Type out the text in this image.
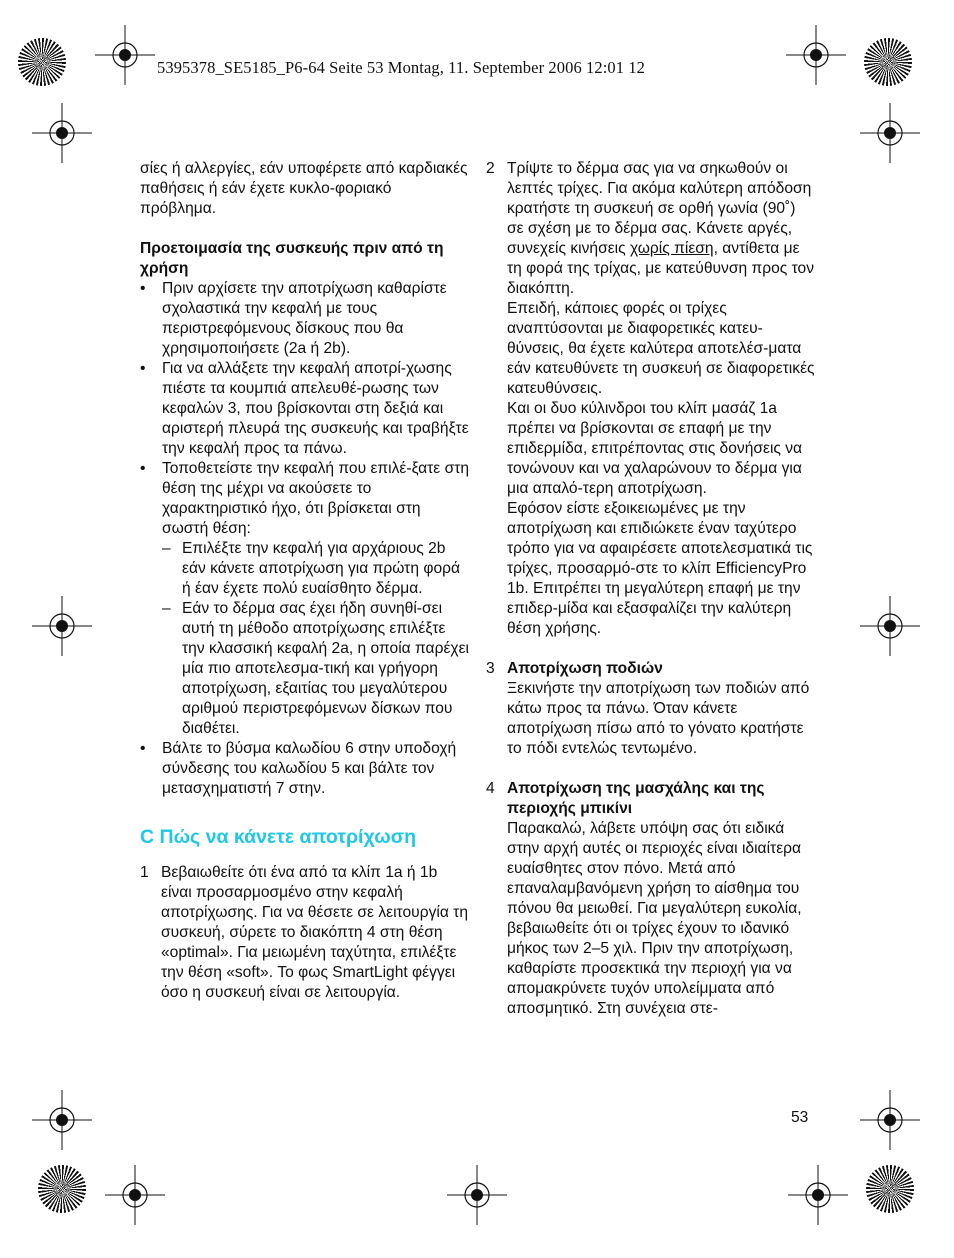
5395378_SE5185_P6-64 Seite 53 Montag, 11. September 2006 12:01 12

σίες ή αλλεργίες, εάν υποφέρετε από καρδιακές παθήσεις ή εάν έχετε κυκλο-φοριακό πρόβλημα.

Προετοιμασία της συσκευής πριν από τη χρήση

•	Πριν αρχίσετε την αποτρίχωση καθαρίστε σχολαστικά την κεφαλή με τους περιστρεφόμενους δίσκους που θα χρησιμοποιήσετε (2a ή 2b).
•	Για να αλλάξετε την κεφαλή αποτρί-χωσης πιέστε τα κουμπιά απελευθέ-ρωσης των κεφαλών 3, που βρίσκονται στη δεξιά και αριστερή πλευρά της συσκευής και τραβήξτε την κεφαλή προς τα πάνω.
•	Τοποθετείστε την κεφαλή που επιλέ-ξατε στη θέση της μέχρι να ακούσετε το χαρακτηριστικό ήχο, ότι βρίσκεται στη σωστή θέση:
– Επιλέξτε την κεφαλή για αρχάριους 2b εάν κάνετε αποτρίχωση για πρώτη φορά ή έαν έχετε πολύ ευαίσθητο δέρμα.
– Εάν το δέρμα σας έχει ήδη συνηθί-σει αυτή τη μέθοδο αποτρίχωσης επιλέξτε την κλασσική κεφαλή 2a, η οποία παρέχει μία πιο αποτελεσμα-τική και γρήγορη αποτρίχωση, εξαιτίας του μεγαλύτερου αριθμού περιστρεφόμενων δίσκων που διαθέτει.
•	Βάλτε το βύσμα καλωδίου 6 στην υποδοχή σύνδεσης του καλωδίου 5 και βάλτε τον μετασχηματιστή 7 στην.
C Πώς να κάνετε αποτρίχωση
1 Βεβαιωθείτε ότι ένα από τα κλίπ 1a ή 1b είναι προσαρμοσμένο στην κεφαλή αποτρίχωσης. Για να θέσετε σε λειτουργία τη συσκευή, σύρετε το διακόπτη 4 στη θέση «optimal». Για μειωμένη ταχύτητα, επιλέξτε την θέση «soft». Το φως SmartLight φέγγει όσο η συσκευή είναι σε λειτουργία.
2 Τρίψτε το δέρμα σας για να σηκωθούν οι λεπτές τρίχες. Για ακόμα καλύτερη απόδοση κρατήστε τη συσκευή σε ορθή γωνία (90˚) σε σχέση με το δέρμα σας. Κάνετε αργές, συνεχείς κινήσεις χωρίς πίεση, αντίθετα με τη φορά της τρίχας, με κατεύθυνση προς τον διακόπτη.

Επειδή, κάποιες φορές οι τρίχες αναπτύσονται με διαφορετικές κατευ-θύνσεις, θα έχετε καλύτερα αποτελέσ-ματα εάν κατευθύνετε τη συσκευή σε διαφορετικές κατευθύνσεις.

Και οι δυο κύλινδροι του κλίπ μασάζ 1a πρέπει να βρίσκονται σε επαφή με την επιδερμίδα, επιτρέποντας στις δονήσεις να τονώνουν και να χαλαρώνουν το δέρμα για μια απαλό-τερη αποτρίχωση.

Εφόσον είστε εξοικειωμένες με την αποτρίχωση και επιδιώκετε έναν ταχύτερο τρόπο για να αφαιρέσετε αποτελεσματικά τις τρίχες, προσαρμό-στε το κλίπ EfficiencyPro 1b. Επιτρέπει τη μεγαλύτερη επαφή με την επιδερ-μίδα και εξασφαλίζει την καλύτερη θέση χρήσης.

3 Αποτρίχωση ποδιών

Ξεκινήστε την αποτρίχωση των ποδιών από κάτω προς τα πάνω. Όταν κάνετε αποτρίχωση πίσω από το γόνατο κρατήστε το πόδι εντελώς τεντωμένο.

4 Αποτρίχωση της μασχάλης και της περιοχής μπικίνι

Παρακαλώ, λάβετε υπόψη σας ότι ειδικά στην αρχή αυτές οι περιοχές είναι ιδιαίτερα ευαίσθητες στον πόνο. Μετά από επαναλαμβανόμενη χρήση το αίσθημα του πόνου θα μειωθεί. Για μεγαλύτερη ευκολία, βεβαιωθείτε ότι οι τρίχες έχουν το ιδανικό μήκος των 2–5 χιλ. Πριν την αποτρίχωση, καθαρίστε προσεκτικά την περιοχή για να απομακρύνετε τυχόν υπολείμματα από αποσμητικό. Στη συνέχεια στε-

53
